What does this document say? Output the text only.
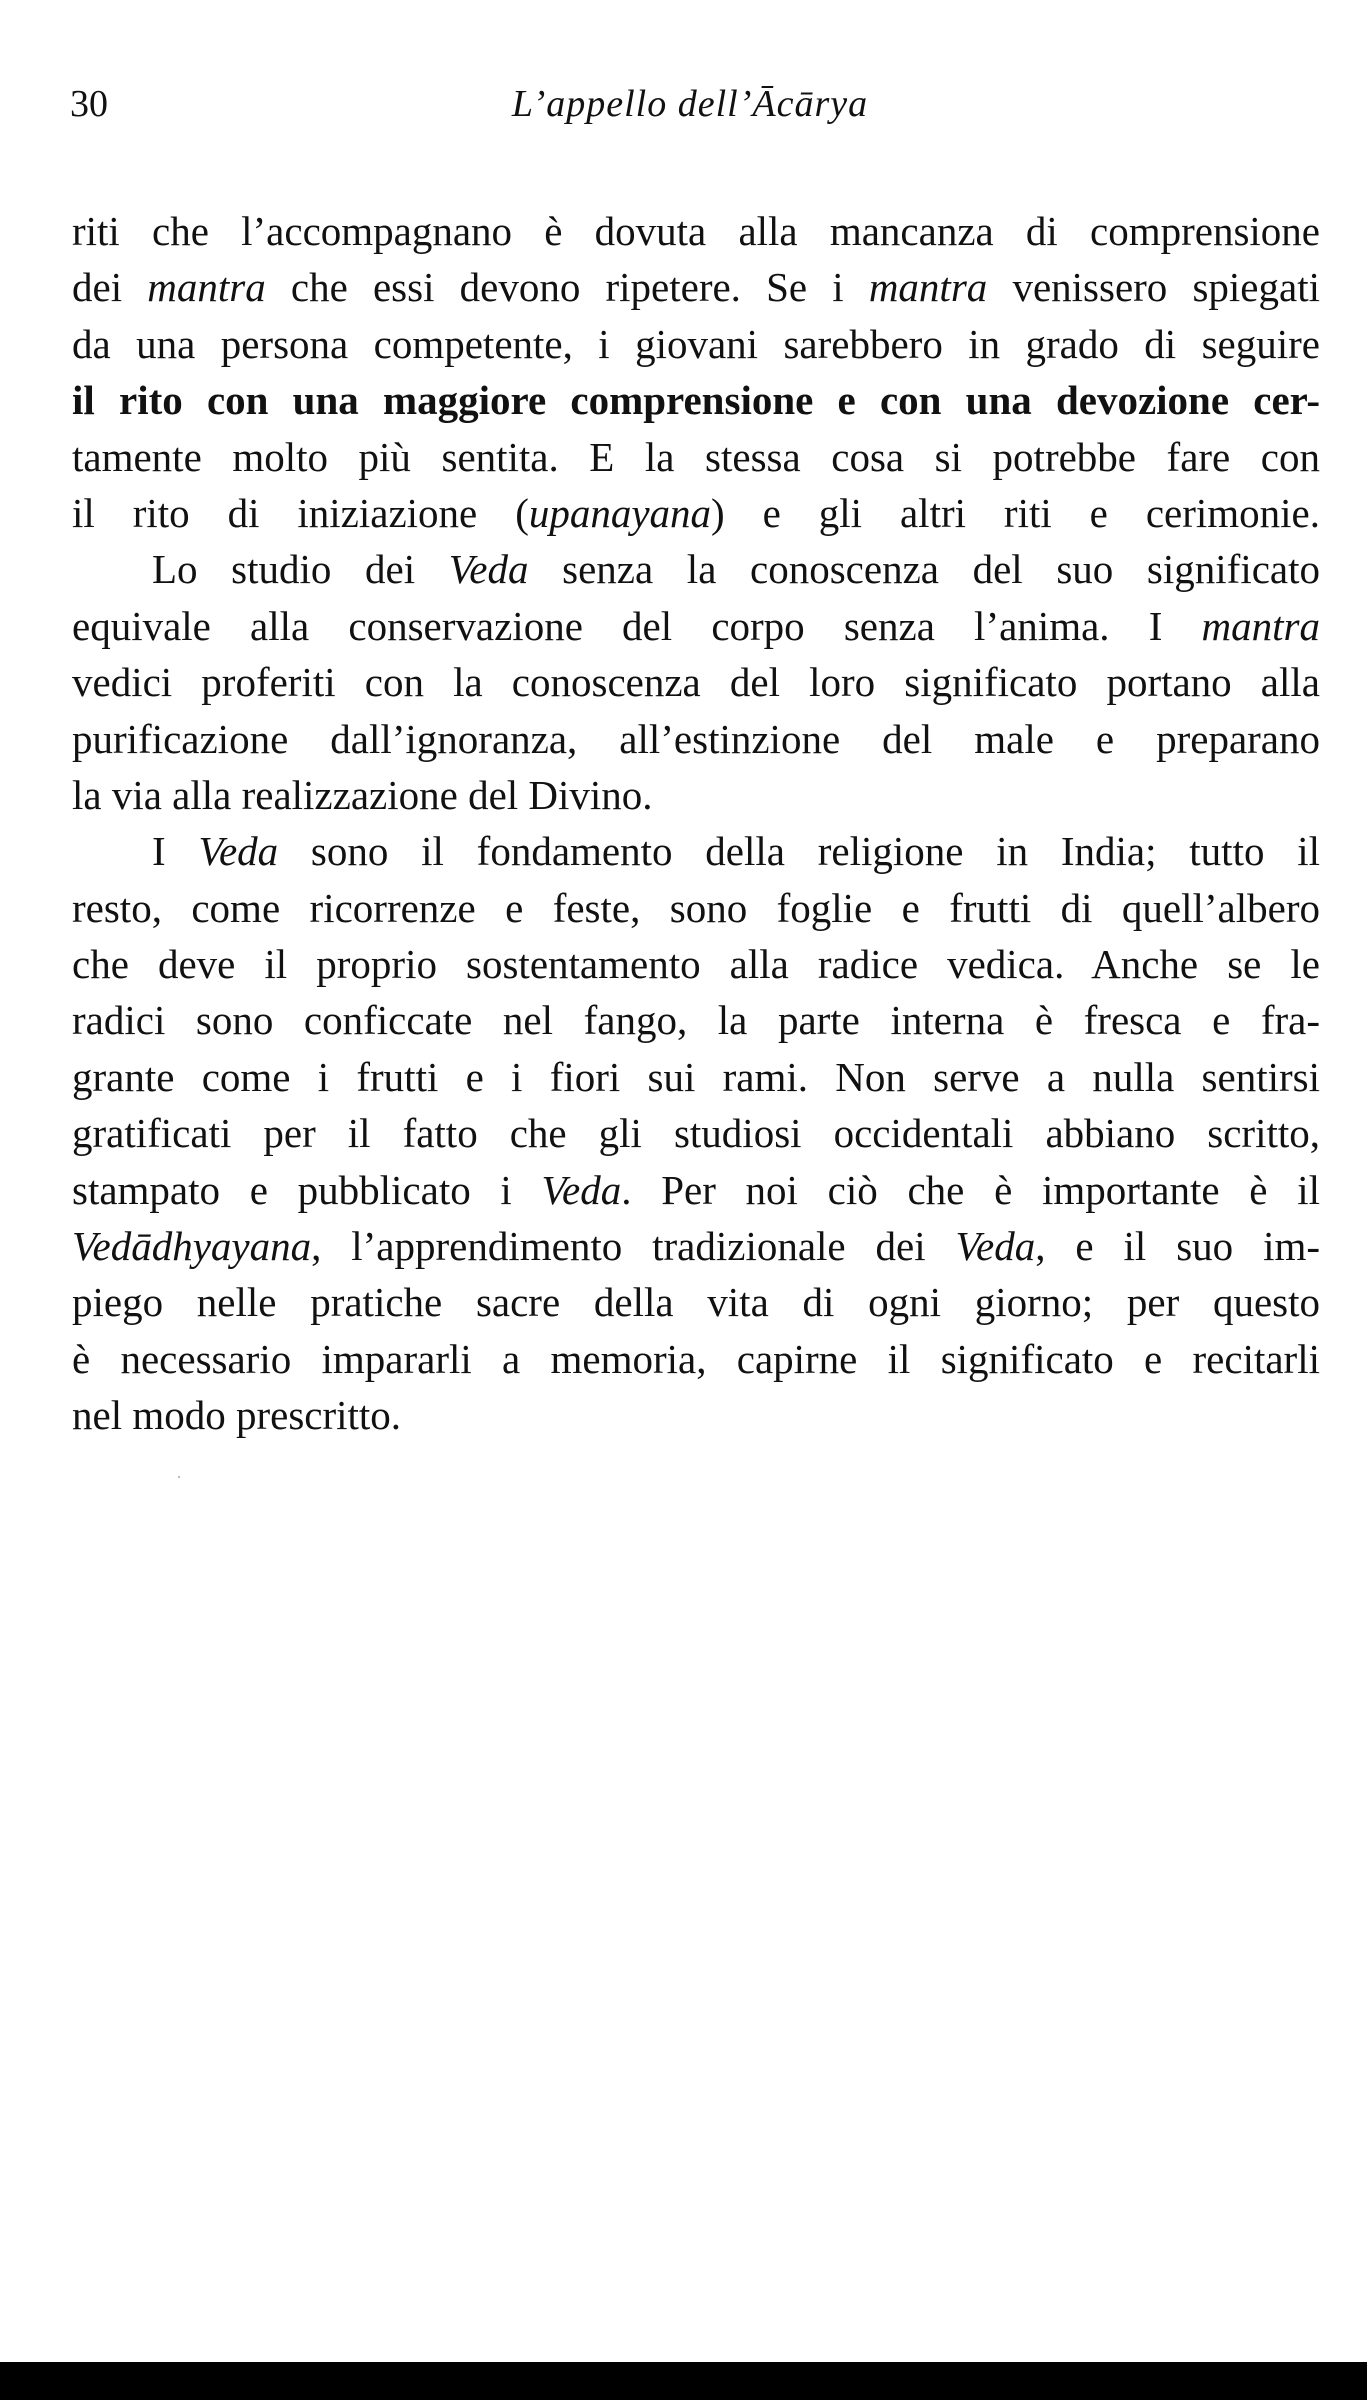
30	L’appello dell’Ācārya
riti che l’accompagnano è dovuta alla mancanza di comprensione
dei mantra che essi devono ripetere. Se i mantra venissero spiegati
da una persona competente, i giovani sarebbero in grado di seguire
il rito con una maggiore comprensione e con una devozione cer-
tamente molto più sentita. E la stessa cosa si potrebbe fare con
il rito di iniziazione (upanayana) e gli altri riti e cerimonie.
Lo studio dei Veda senza la conoscenza del suo significato
equivale alla conservazione del corpo senza l’anima. I mantra
vedici proferiti con la conoscenza del loro significato portano alla
purificazione dall’ignoranza, all’estinzione del male e preparano
la via alla realizzazione del Divino.
I Veda sono il fondamento della religione in India; tutto il
resto, come ricorrenze e feste, sono foglie e frutti di quell’albero
che deve il proprio sostentamento alla radice vedica. Anche se le
radici sono conficcate nel fango, la parte interna è fresca e fra-
grante come i frutti e i fiori sui rami. Non serve a nulla sentirsi
gratificati per il fatto che gli studiosi occidentali abbiano scritto,
stampato e pubblicato i Veda. Per noi ciò che è importante è il
Vedādhyayana, l’apprendimento tradizionale dei Veda, e il suo im-
piego nelle pratiche sacre della vita di ogni giorno; per questo
è necessario impararli a memoria, capirne il significato e recitarli
nel modo prescritto.
